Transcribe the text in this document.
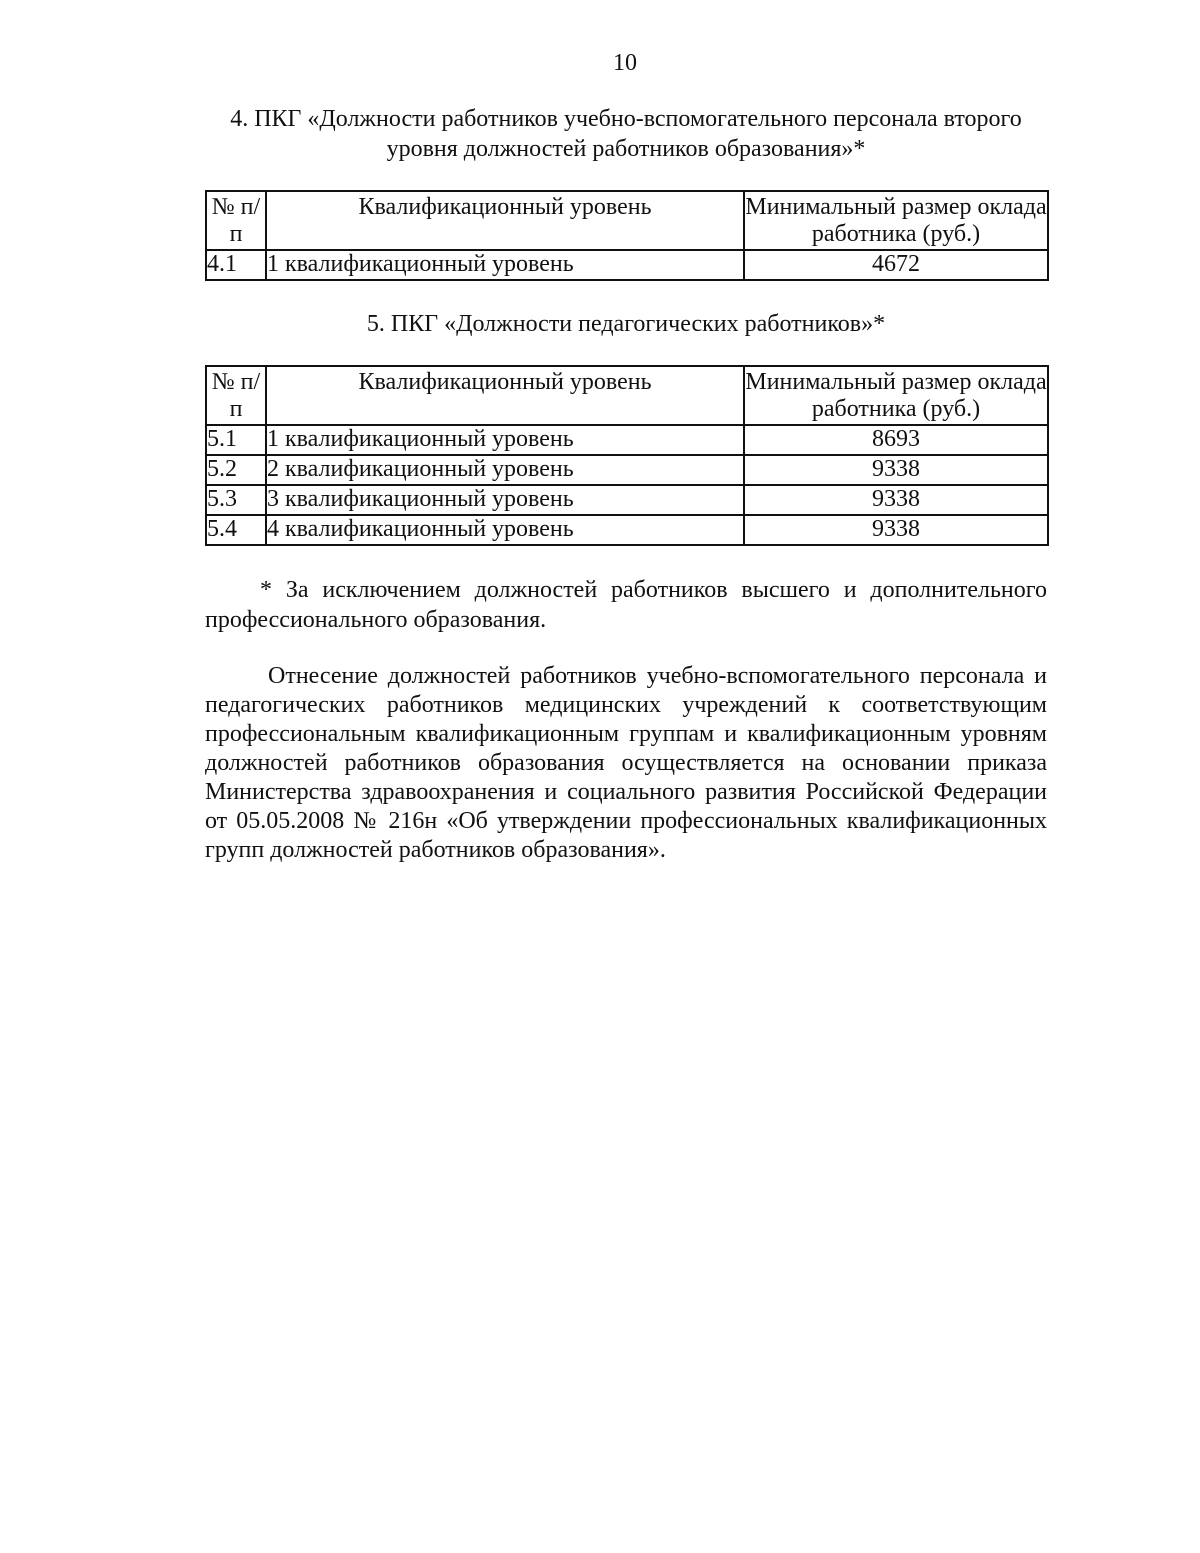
10
4. ПКГ «Должности работников учебно-вспомогательного персонала второго уровня должностей работников образования»*
№ п/п	Квалификационный уровень	Минимальный размер оклада работника (руб.)
4.1	1 квалификационный уровень	4672
5. ПКГ «Должности педагогических работников»*
№ п/п	Квалификационный уровень	Минимальный размер оклада работника (руб.)
5.1	1 квалификационный уровень	8693
5.2	2 квалификационный уровень	9338
5.3	3 квалификационный уровень	9338
5.4	4 квалификационный уровень	9338

* За исключением должностей работников высшего и дополнительного профессионального образования.

Отнесение должностей работников учебно-вспомогательного персонала и педагогических работников медицинских учреждений к соответствующим профессиональным квалификационным группам и квалификационным уровням должностей работников образования осуществляется на основании приказа Министерства здравоохранения и социального развития Российской Федерации от 05.05.2008 № 216н «Об утверждении профессиональных квалификационных групп должностей работников образования».
